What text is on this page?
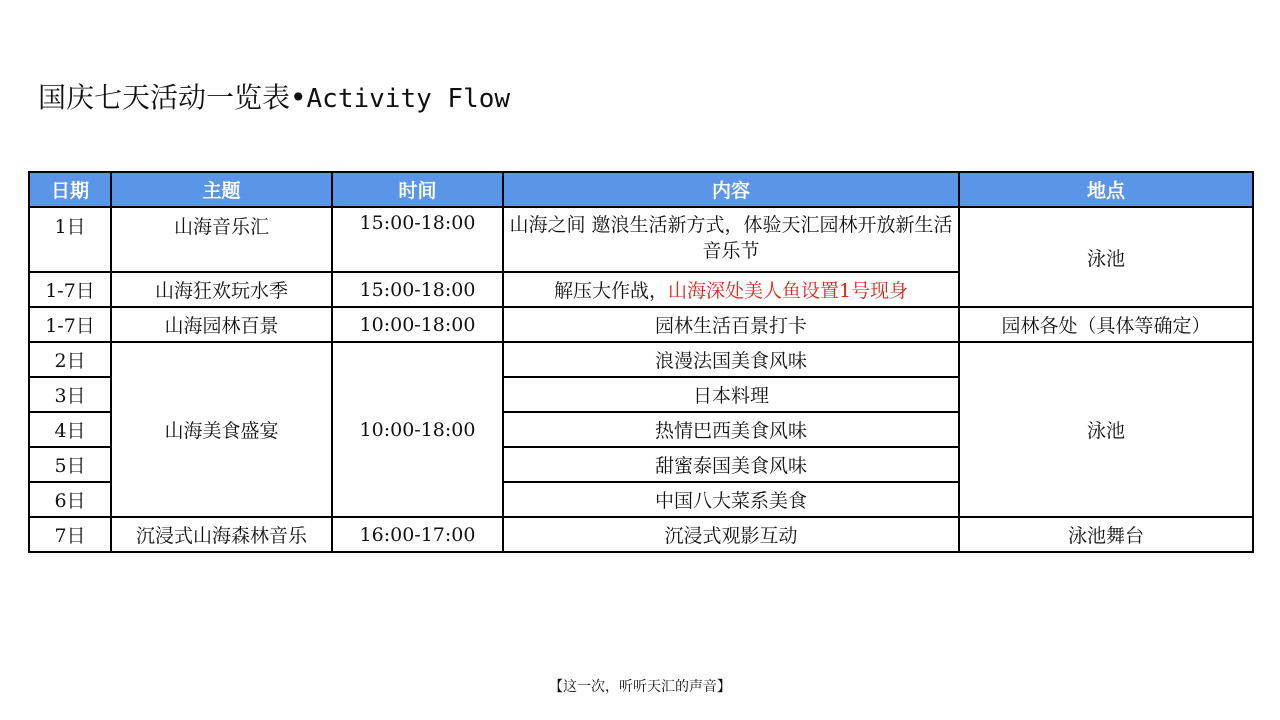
国庆七天活动一览表•Activity Flow
日期	主题	时间	内容	地点
1日	山海音乐汇	15:00-18:00	山海之间 邀浪生活新方式，体验天汇园林开放新生活音乐节	泳池
1-7日	山海狂欢玩水季	15:00-18:00	解压大作战，山海深处美人鱼设置1号现身	
1-7日	山海园林百景	10:00-18:00	园林生活百景打卡	园林各处（具体等确定）
2日	山海美食盛宴	10:00-18:00	浪漫法国美食风味	泳池
3日			日本料理	
4日			热情巴西美食风味	
5日			甜蜜泰国美食风味	
6日			中国八大菜系美食	
7日	沉浸式山海森林音乐	16:00-17:00	沉浸式观影互动	泳池舞台
【这一次，听听天汇的声音】
